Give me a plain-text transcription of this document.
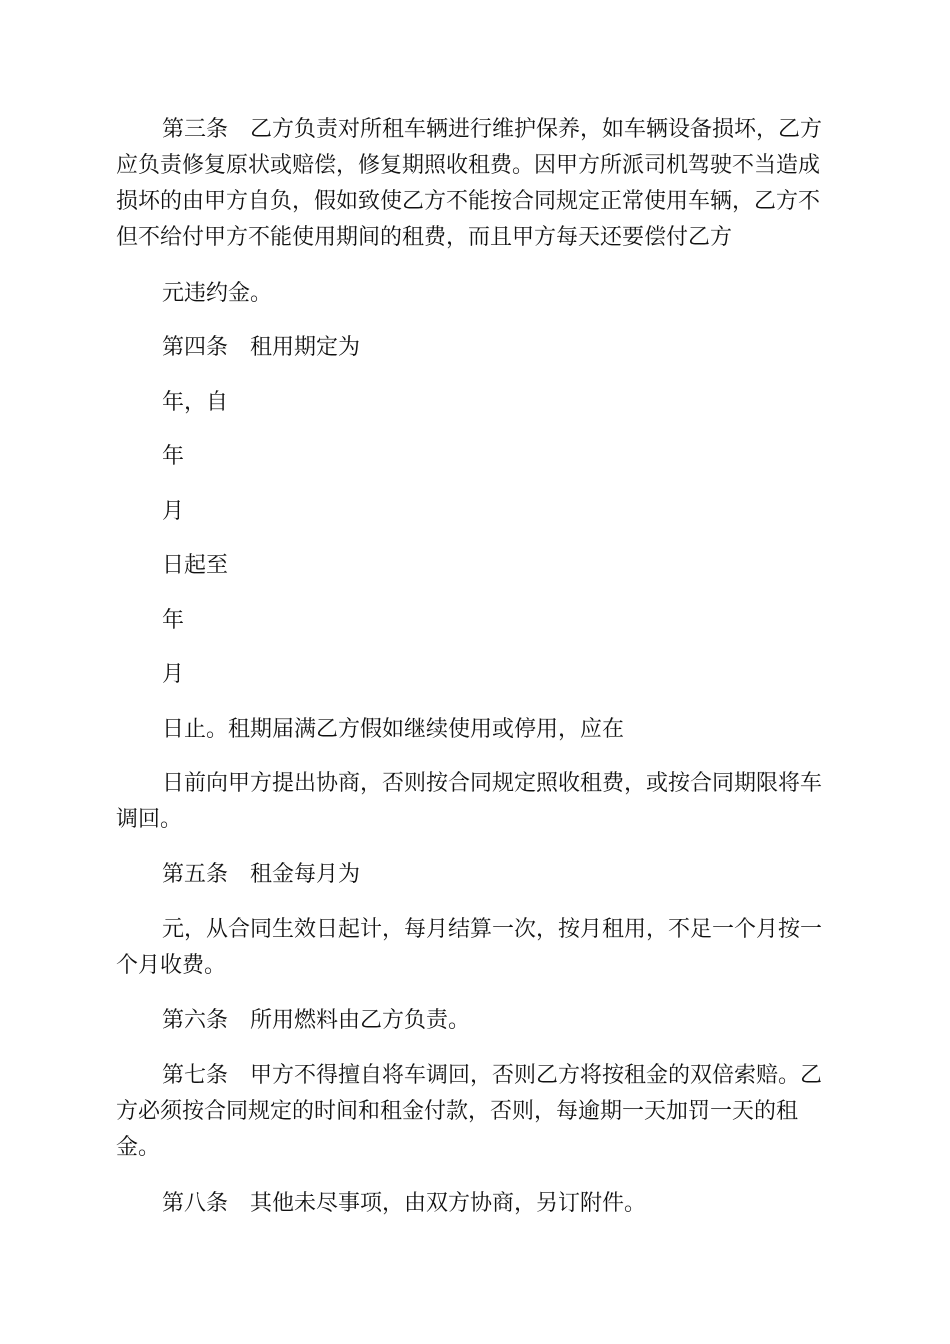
第三条　乙方负责对所租车辆进行维护保养，如车辆设备损坏，乙方应负责修复原状或赔偿，修复期照收租费。因甲方所派司机驾驶不当造成损坏的由甲方自负，假如致使乙方不能按合同规定正常使用车辆，乙方不但不给付甲方不能使用期间的租费，而且甲方每天还要偿付乙方

元违约金。

第四条　租用期定为

年，自

年

月

日起至

年

月

日止。租期届满乙方假如继续使用或停用，应在

日前向甲方提出协商，否则按合同规定照收租费，或按合同期限将车调回。

第五条　租金每月为

元，从合同生效日起计，每月结算一次，按月租用，不足一个月按一个月收费。

第六条　所用燃料由乙方负责。

第七条　甲方不得擅自将车调回，否则乙方将按租金的双倍索赔。乙方必须按合同规定的时间和租金付款，否则，每逾期一天加罚一天的租金。

第八条　其他未尽事项，由双方协商，另订附件。
